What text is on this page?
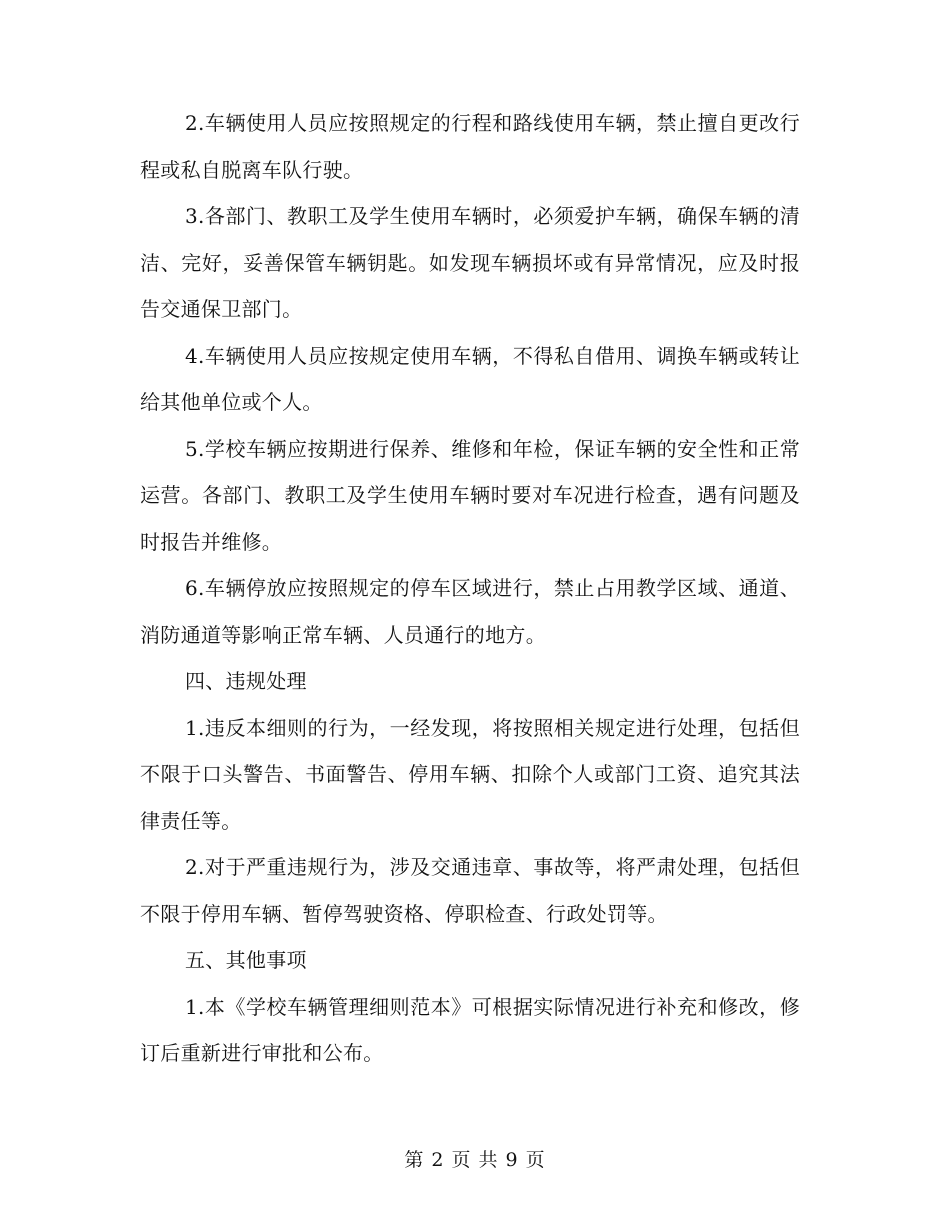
2.车辆使用人员应按照规定的行程和路线使用车辆，禁止擅自更改行程或私自脱离车队行驶。

3.各部门、教职工及学生使用车辆时，必须爱护车辆，确保车辆的清洁、完好，妥善保管车辆钥匙。如发现车辆损坏或有异常情况，应及时报告交通保卫部门。

4.车辆使用人员应按规定使用车辆，不得私自借用、调换车辆或转让给其他单位或个人。

5.学校车辆应按期进行保养、维修和年检，保证车辆的安全性和正常运营。各部门、教职工及学生使用车辆时要对车况进行检查，遇有问题及时报告并维修。

6.车辆停放应按照规定的停车区域进行，禁止占用教学区域、通道、消防通道等影响正常车辆、人员通行的地方。

四、违规处理

1.违反本细则的行为，一经发现，将按照相关规定进行处理，包括但不限于口头警告、书面警告、停用车辆、扣除个人或部门工资、追究其法律责任等。

2.对于严重违规行为，涉及交通违章、事故等，将严肃处理，包括但不限于停用车辆、暂停驾驶资格、停职检查、行政处罚等。

五、其他事项

1.本《学校车辆管理细则范本》可根据实际情况进行补充和修改，修订后重新进行审批和公布。

第 2 页 共 9 页
